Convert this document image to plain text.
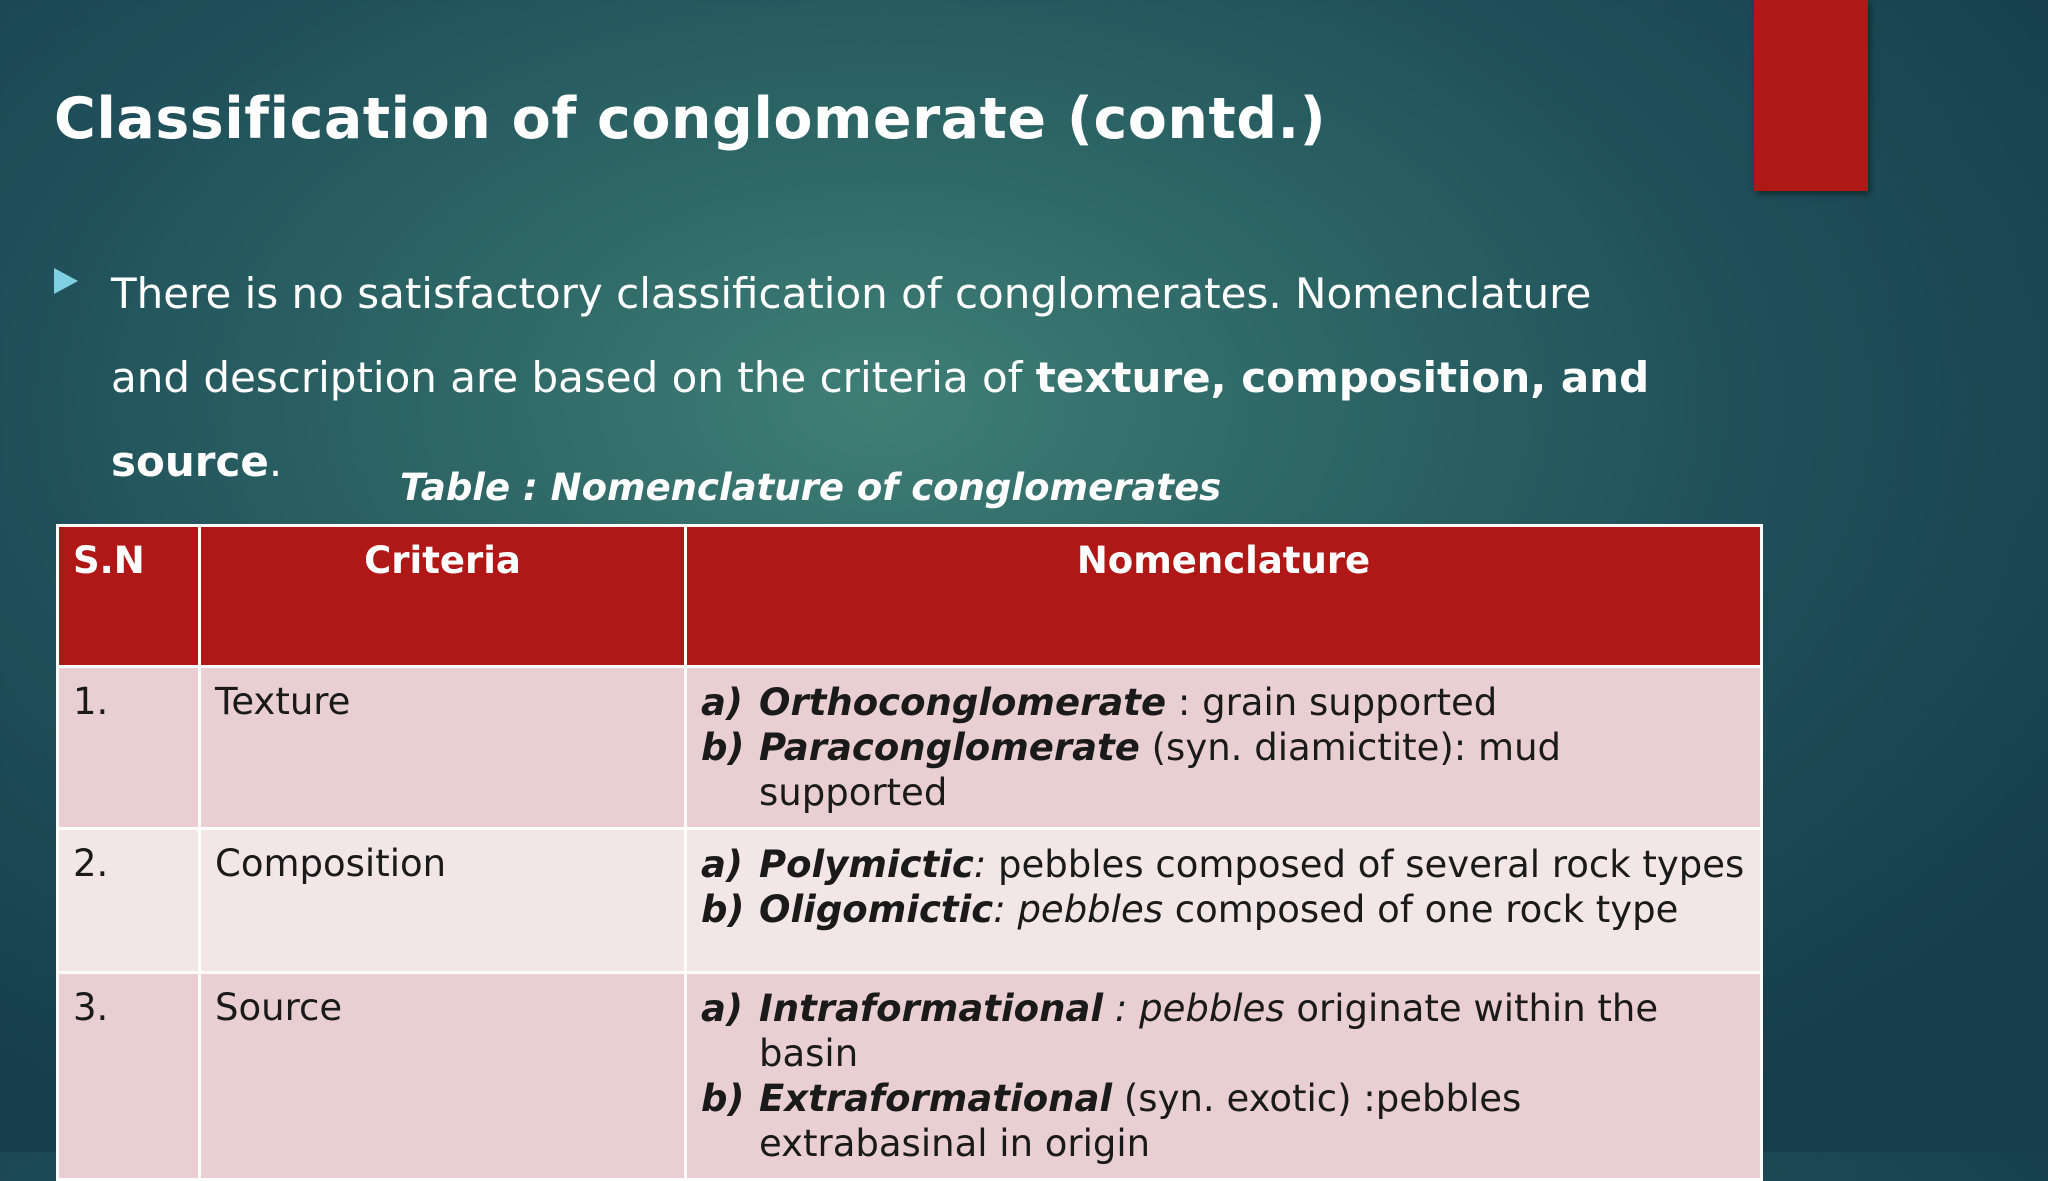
Classification of conglomerate (contd.)

There is no satisfactory classification of conglomerates. Nomenclature and description are based on the criteria of texture, composition, and source.

Table : Nomenclature of conglomerates

S.N	Criteria	Nomenclature
1.	Texture	a) Orthoconglomerate : grain supported
b) Paraconglomerate (syn. diamictite): mud supported

2.	Composition	a) Polymictic: pebbles composed of several rock types
b) Oligomictic: pebbles composed of one rock type

3.	Source	a) Intraformational : pebbles originate within the basin
b) Extraformational (syn. exotic) :pebbles extrabasinal in origin
